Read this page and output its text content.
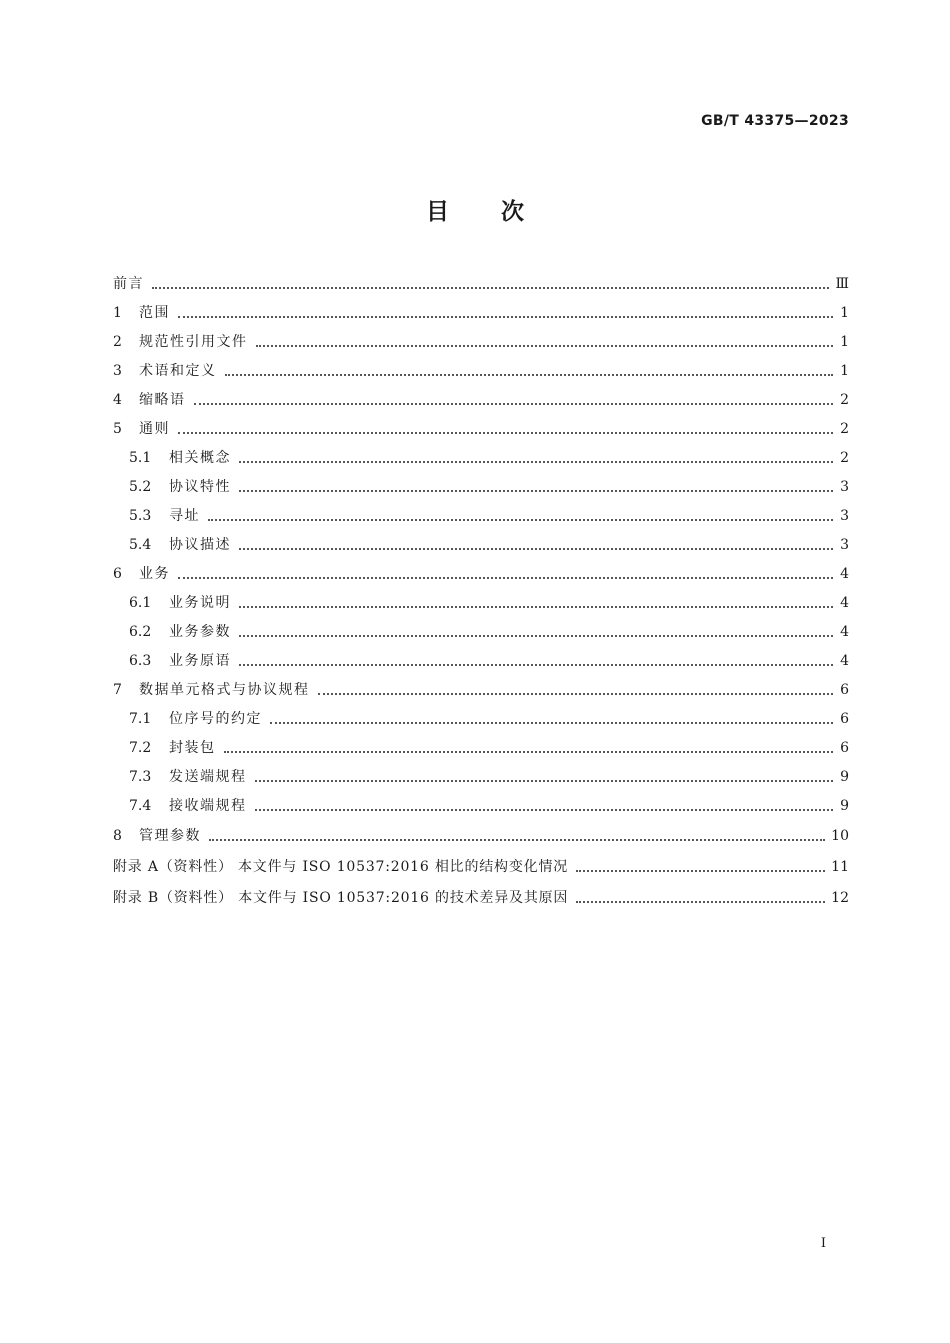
GB/T 43375—2023
目次
前言	Ⅲ
1	范围	1
2	规范性引用文件	1
3	术语和定义	1
4	缩略语	2
5	通则	2
5.1	相关概念	2
5.2	协议特性	3
5.3	寻址	3
5.4	协议描述	3
6	业务	4
6.1	业务说明	4
6.2	业务参数	4
6.3	业务原语	4
7	数据单元格式与协议规程	6
7.1	位序号的约定	6
7.2	封装包	6
7.3	发送端规程	9
7.4	接收端规程	9
8	管理参数	10
附录 A（资料性） 本文件与 ISO 10537:2016 相比的结构变化情况	11
附录 B（资料性） 本文件与 ISO 10537:2016 的技术差异及其原因	12
Ⅰ
